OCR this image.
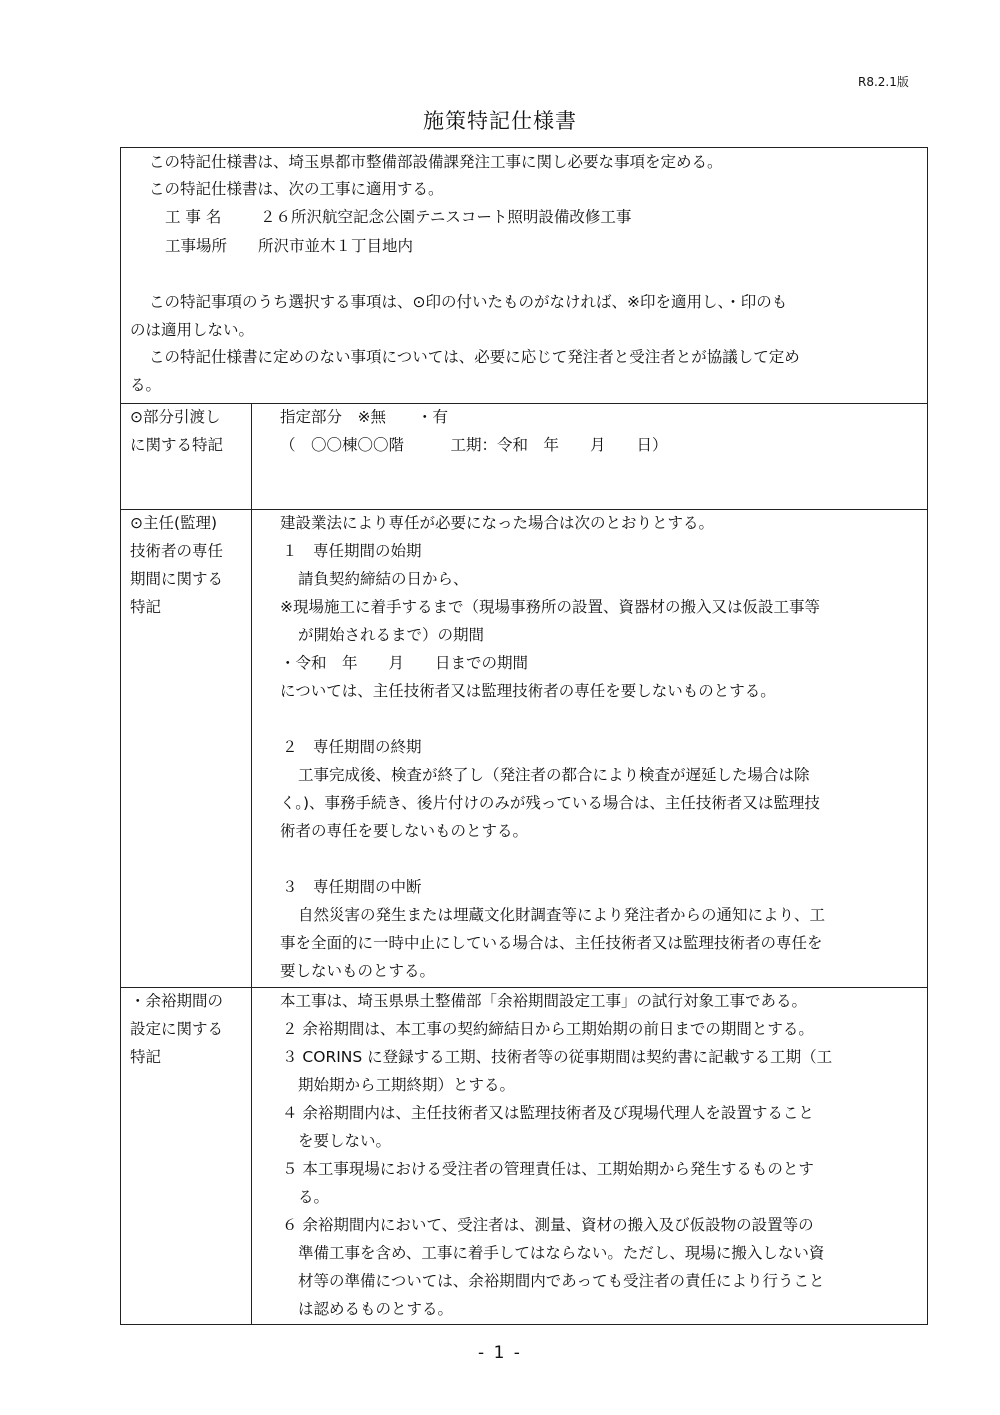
R8.2.1版
施策特記仕様書
この特記仕様書は、埼玉県都市整備部設備課発注工事に関し必要な事項を定める。
この特記仕様書は、次の工事に適用する。
工 事 名 ２６所沢航空記念公園テニスコート照明設備改修工事
工事場所 所沢市並木１丁目地内
この特記事項のうち選択する事項は、⊙印の付いたものがなければ、※印を適用し、・印のも
のは適用しない。
この特記仕様書に定めのない事項については、必要に応じて発注者と受注者とが協議して定め
る。
⊙部分引渡し
に関する特記
指定部分　※無　　・有
（　〇〇棟〇〇階　　　工期：令和　年　　月　　日）
⊙主任(監理)
技術者の専任
期間に関する
特記
建設業法により専任が必要になった場合は次のとおりとする。
１　専任期間の始期
請負契約締結の日から、
※現場施工に着手するまで（現場事務所の設置、資器材の搬入又は仮設工事等
が開始されるまで）の期間
・令和　年　　月　　日までの期間
については、主任技術者又は監理技術者の専任を要しないものとする。
２　専任期間の終期
工事完成後、検査が終了し（発注者の都合により検査が遅延した場合は除
く。)、事務手続き、後片付けのみが残っている場合は、主任技術者又は監理技
術者の専任を要しないものとする。
３　専任期間の中断
自然災害の発生または埋蔵文化財調査等により発注者からの通知により、工
事を全面的に一時中止にしている場合は、主任技術者又は監理技術者の専任を
要しないものとする。
・余裕期間の
設定に関する
特記
本工事は、埼玉県県土整備部「余裕期間設定工事」の試行対象工事である。
２ 余裕期間は、本工事の契約締結日から工期始期の前日までの期間とする。
３ CORINS に登録する工期、技術者等の従事期間は契約書に記載する工期（工
期始期から工期終期）とする。
４ 余裕期間内は、主任技術者又は監理技術者及び現場代理人を設置すること
を要しない。
５ 本工事現場における受注者の管理責任は、工期始期から発生するものとす
る。
６ 余裕期間内において、受注者は、測量、資材の搬入及び仮設物の設置等の
準備工事を含め、工事に着手してはならない。ただし、現場に搬入しない資
材等の準備については、余裕期間内であっても受注者の責任により行うこと
は認めるものとする。
- 1 -
